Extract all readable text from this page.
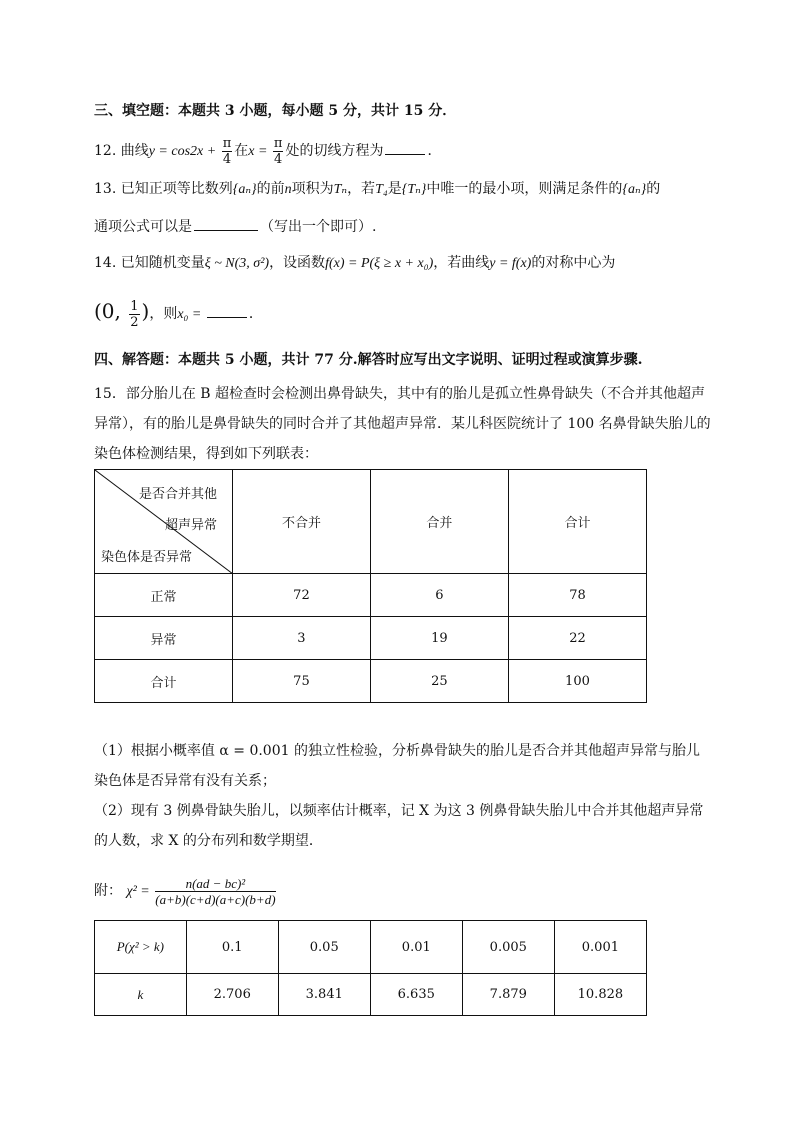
三、填空题：本题共 3 小题，每小题 5 分，共计 15 分．
12. 曲线$y = \cos 2x + \frac{\pi}{4}$ 在$x = \frac{\pi}{4}$ 处的切线方程为	．
13. 已知正项等比数列{aₙ}的前n项积为Tₙ，若T₄是{Tₙ}中唯一的最小项，则满足条件的{aₙ}的
通项公式可以是	（写出一个即可）.
14. 已知随机变量ξ ~ N(3, σ²)，设函数f(x) = P(ξ ≥ x + x₀)，若曲线y = f(x)的对称中心为
(0, $\frac{1}{2}$ )，则x₀ =	．
四、解答题：本题共 5 小题，共计 77 分.解答时应写出文字说明、证明过程或演算步骤.
15．部分胎儿在 B 超检查时会检测出鼻骨缺失，其中有的胎儿是孤立性鼻骨缺失（不合并其他超声
异常），有的胎儿是鼻骨缺失的同时合并了其他超声异常．某儿科医院统计了 100 名鼻骨缺失胎儿的
染色体检测结果，得到如下列联表：
是否合并其他
超声异常
染色体是否异常	不合并	合并	合计
正常	72	6	78
异常	3	19	22
合计	75	25	100
（1）根据小概率值 α = 0.001 的独立性检验，分析鼻骨缺失的胎儿是否合并其他超声异常与胎儿
染色体是否异常有没有关系；
（2）现有 3 例鼻骨缺失胎儿，以频率估计概率，记 X 为这 3 例鼻骨缺失胎儿中合并其他超声异常
的人数，求 X 的分布列和数学期望．
附： $\chi^2 = \frac{\text{n(ad − bc)²}}{(a+b)(c+d)(a+c)(b+d)}$
P(χ² > k)	0.1	0.05	0.01	0.005	0.001
k	2.706	3.841	6.635	7.879	10.828
